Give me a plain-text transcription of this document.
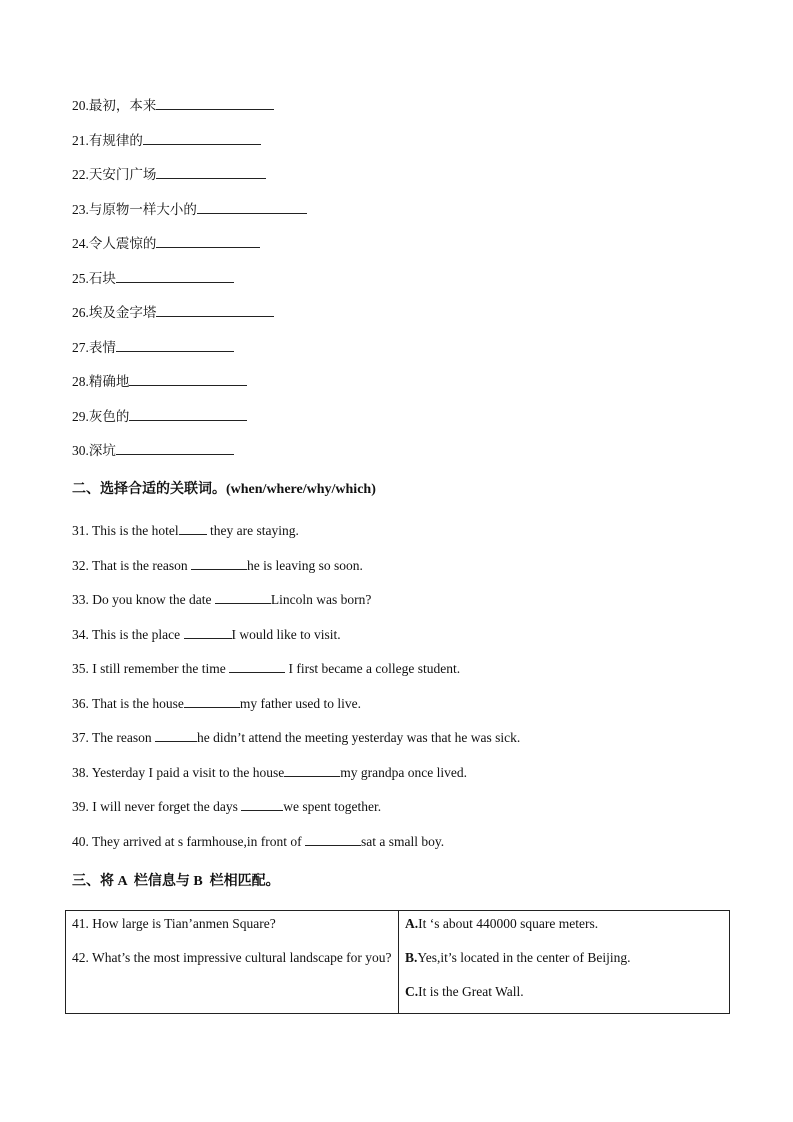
20.最初，本来
21.有规律的
22.天安门广场
23.与原物一样大小的
24.令人震惊的
25.石块
26.埃及金字塔
27.表情
28.精确地
29.灰色的
30.深坑
二、选择合适的关联词。(when/where/why/which)
31. This is the hotel they are staying.
32. That is the reason	he is leaving so soon.
33. Do you know the date	Lincoln was born?
34. This is the place	I would like to visit.
35. I still remember the time	I first became a college student.
36. That is the house	my father used to live.
37. The reason	he didn’t attend the meeting yesterday was that he was sick.
38. Yesterday I paid a visit to the house	my grandpa once lived.
39. I will never forget the days	we spent together.
40. They arrived at s farmhouse,in front of	sat a small boy.
三、将 A  栏信息与 B  栏相匹配。
41. How large is Tian’anmen Square?
42. What’s the most impressive cultural landscape for you?

A.It ‘s about 440000 square meters.
B.Yes,it’s located in the center of Beijing.
C.It is the Great Wall.
